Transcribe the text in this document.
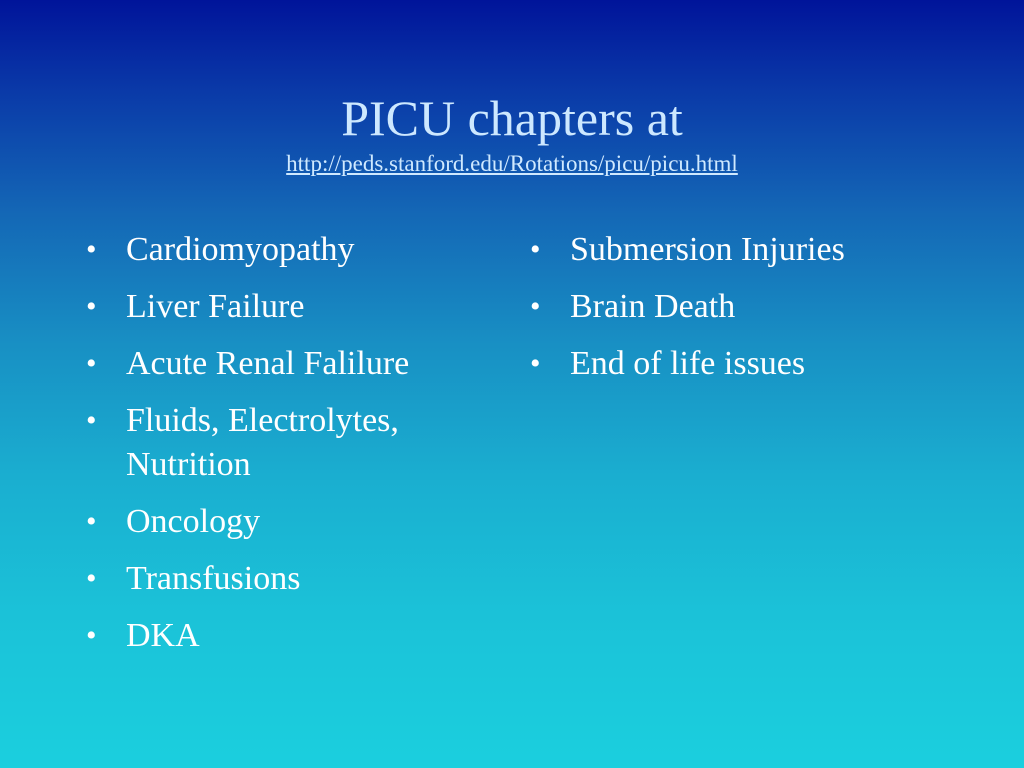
PICU chapters at
http://peds.stanford.edu/Rotations/picu/picu.html
• Cardiomyopathy
• Liver Failure
• Acute Renal Falilure
• Fluids, Electrolytes, Nutrition
• Oncology
• Transfusions
• DKA
• Submersion Injuries
• Brain Death
• End of life issues
